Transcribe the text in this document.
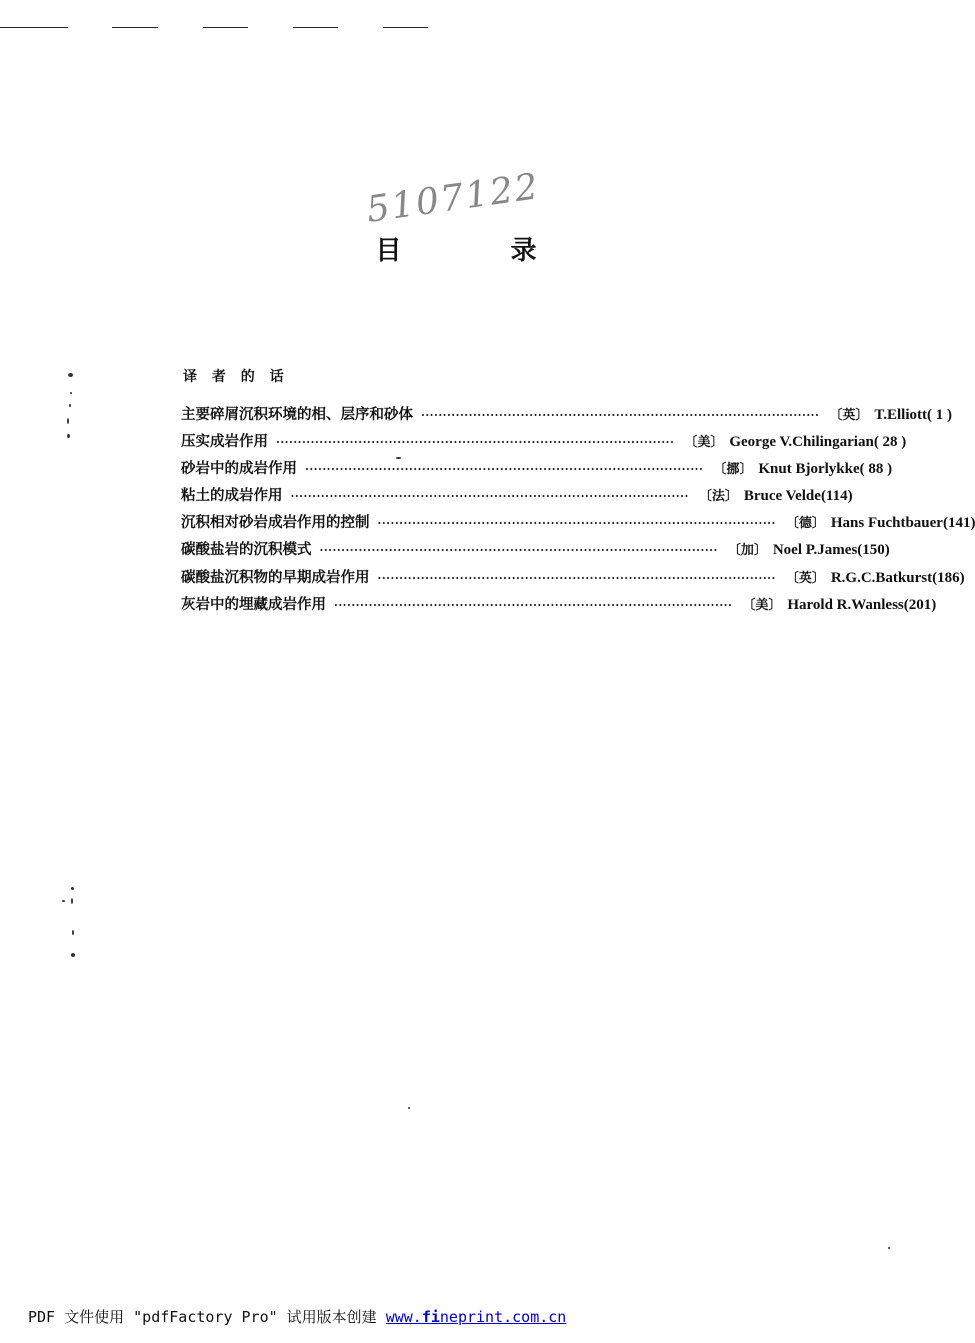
5107122
目 录
译 者 的 话
主要碎屑沉积环境的相、层序和砂体 ···························································································· 〔英〕 T.Elliott ( 1 )
压实成岩作用 ···························································································· 〔美〕 George V.Chilingarian ( 28 )
砂岩中的成岩作用 ···························································································· 〔挪〕 Knut Bjorlykke ( 88 )
粘土的成岩作用 ···························································································· 〔法〕 Bruce Velde (114)
沉积相对砂岩成岩作用的控制 ···························································································· 〔德〕 Hans Fuchtbauer (141)
碳酸盐岩的沉积模式 ···························································································· 〔加〕 Noel P.James (150)
碳酸盐沉积物的早期成岩作用 ···························································································· 〔英〕 R.G.C.Batkurst (186)
灰岩中的埋藏成岩作用 ···························································································· 〔美〕 Harold R.Wanless (201)
PDF 文件使用 "pdfFactory Pro" 试用版本创建 www.fineprint.com.cn
